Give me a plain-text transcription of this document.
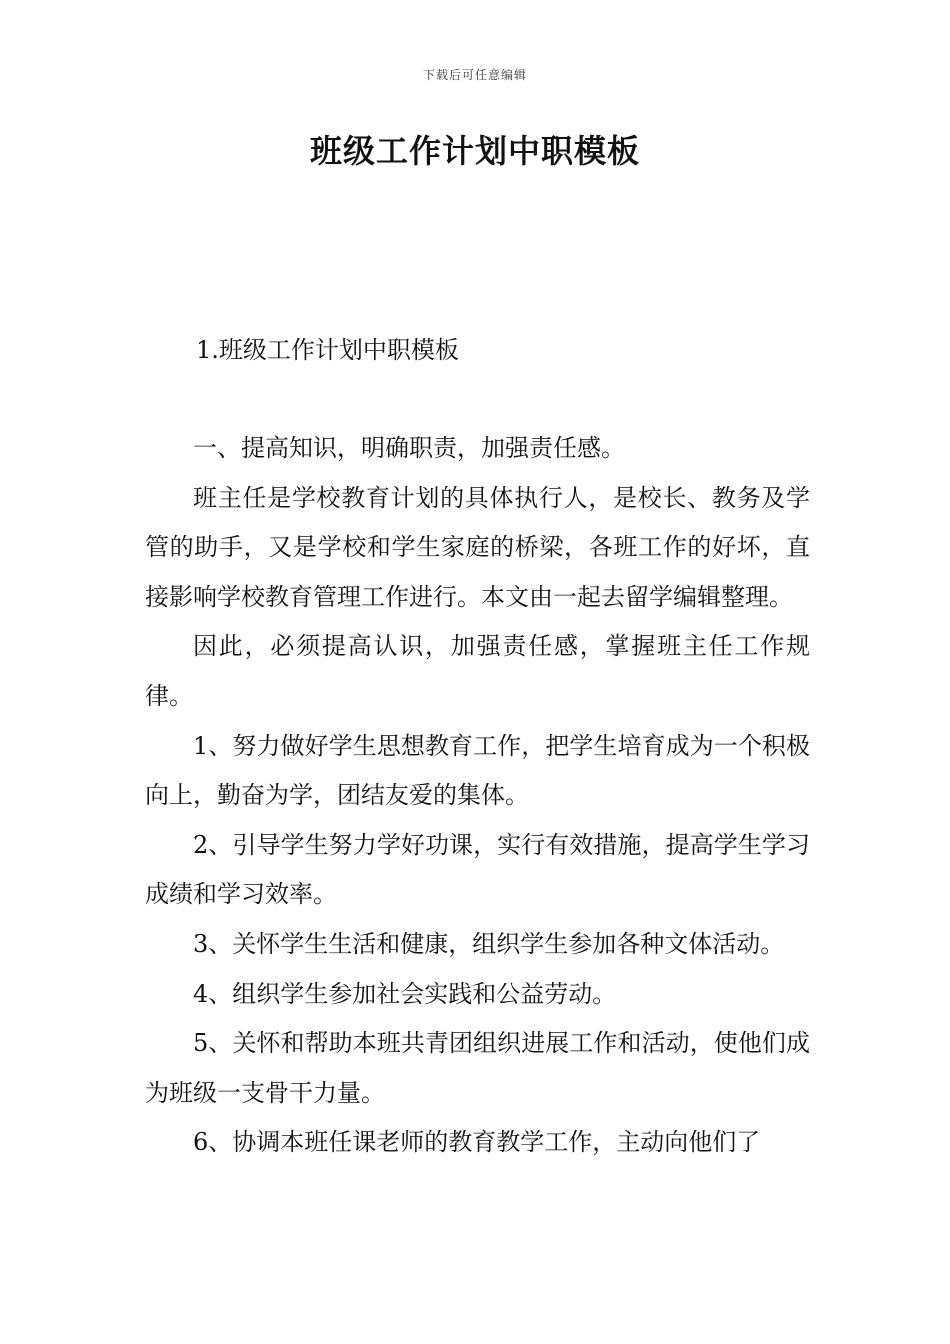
下载后可任意编辑
班级工作计划中职模板
1.班级工作计划中职模板

一、提高知识，明确职责，加强责任感。

班主任是学校教育计划的具体执行人，是校长、教务及学管的助手，又是学校和学生家庭的桥梁，各班工作的好坏，直接影响学校教育管理工作进行。本文由一起去留学编辑整理。

因此，必须提高认识，加强责任感，掌握班主任工作规律。

1、努力做好学生思想教育工作，把学生培育成为一个积极向上，勤奋为学，团结友爱的集体。

2、引导学生努力学好功课，实行有效措施，提高学生学习成绩和学习效率。

3、关怀学生生活和健康，组织学生参加各种文体活动。

4、组织学生参加社会实践和公益劳动。

5、关怀和帮助本班共青团组织进展工作和活动，使他们成为班级一支骨干力量。

6、协调本班任课老师的教育教学工作，主动向他们了
